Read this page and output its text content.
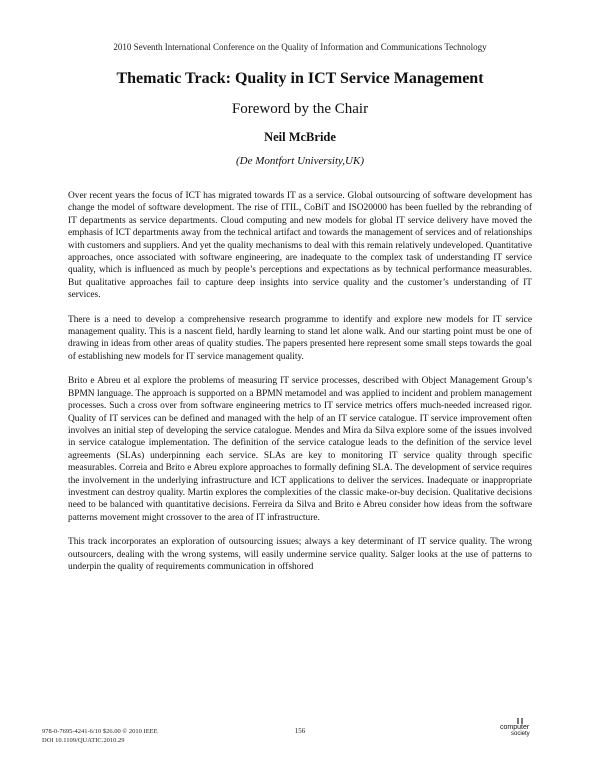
2010 Seventh International Conference on the Quality of Information and Communications Technology
Thematic Track: Quality in ICT Service Management
Foreword by the Chair
Neil McBride
(De Montfort University,UK)

Over recent years the focus of ICT has migrated towards IT as a service. Global outsourcing of software development has change the model of software development. The rise of ITIL, CoBiT and ISO20000 has been fuelled by the rebranding of IT departments as service departments. Cloud computing and new models for global IT service delivery have moved the emphasis of ICT departments away from the technical artifact and towards the management of services and of relationships with customers and suppliers. And yet the quality mechanisms to deal with this remain relatively undeveloped. Quantitative approaches, once associated with software engineering, are inadequate to the complex task of understanding IT service quality, which is influenced as much by people’s perceptions and expectations as by technical performance measurables. But qualitative approaches fail to capture deep insights into service quality and the customer’s understanding of IT services.

There is a need to develop a comprehensive research programme to identify and explore new models for IT service management quality. This is a nascent field, hardly learning to stand let alone walk. And our starting point must be one of drawing in ideas from other areas of quality studies. The papers presented here represent some small steps towards the goal of establishing new models for IT service management quality.

Brito e Abreu et al explore the problems of measuring IT service processes, described with Object Management Group’s BPMN language. The approach is supported on a BPMN metamodel and was applied to incident and problem management processes. Such a cross over from software engineering metrics to IT service metrics offers much-needed increased rigor. Quality of IT services can be defined and managed with the help of an IT service catalogue. IT service improvement often involves an initial step of developing the service catalogue. Mendes and Mira da Silva explore some of the issues involved in service catalogue implementation. The definition of the service catalogue leads to the definition of the service level agreements (SLAs) underpinning each service. SLAs are key to monitoring IT service quality through specific measurables. Correia and Brito e Abreu explore approaches to formally defining SLA. The development of service requires the involvement in the underlying infrastructure and ICT applications to deliver the services. Inadequate or inappropriate investment can destroy quality. Martin explores the complexities of the classic make-or-buy decision. Qualitative decisions need to be balanced with quantitative decisions. Ferreira da Silva and Brito e Abreu consider how ideas from the software patterns movement might crossover to the area of IT infrastructure.

This track incorporates an exploration of outsourcing issues; always a key determinant of IT service quality. The wrong outsourcers, dealing with the wrong systems, will easily undermine service quality. Salger looks at the use of patterns to underpin the quality of requirements communication in offshored

978-0-7695-4241-6/10 $26.00 © 2010 IEEE
DOI 10.1109/QUATIC.2010.29
156	computer
society
